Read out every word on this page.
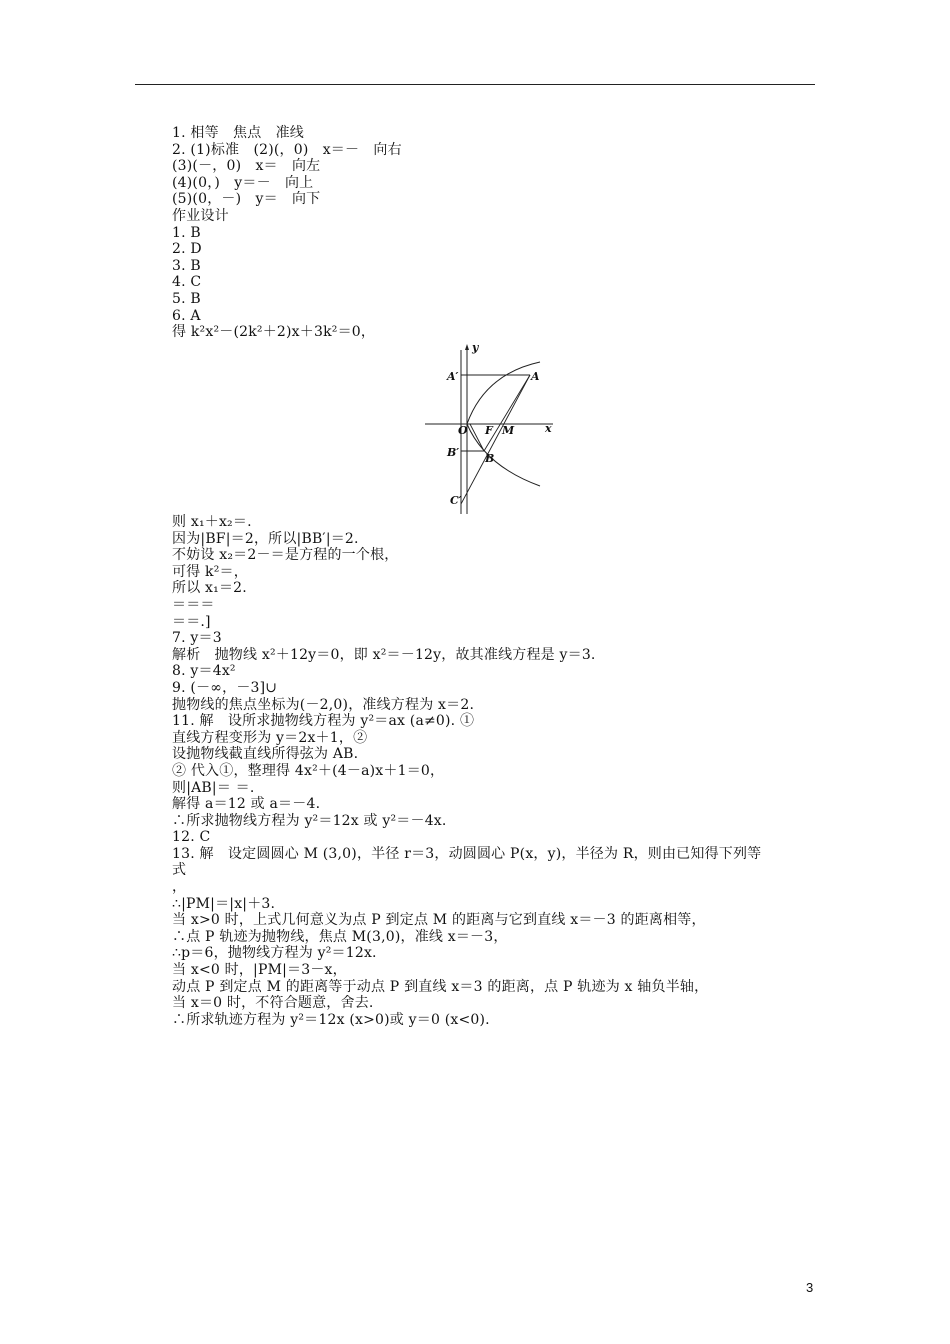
1. 相等　焦点　准线
2. (1)标准　(2)(，0)　x＝－　向右
(3)(－，0)　x＝　向左
(4)(0，)　y＝－　向上
(5)(0，－)　y＝　向下
作业设计
1. B
2. D
3. B
4. C
5. B
6. A
得 k²x²－(2k²＋2)x＋3k²＝0，
y
x
A′	A
O F M
B′ B
C′
则 x₁＋x₂＝.
因为|BF|＝2，所以|BB′|＝2.
不妨设 x₂＝2－＝是方程的一个根，
可得 k²＝，
所以 x₁＝2.
＝＝＝
＝＝.]
7. y＝3
解析　抛物线 x²＋12y＝0，即 x²＝－12y，故其准线方程是 y＝3.
8. y＝4x²
9. (－∞，－3]∪
抛物线的焦点坐标为(－2,0)，准线方程为 x＝2.
11. 解　设所求抛物线方程为 y²＝ax (a≠0). ①
直线方程变形为 y＝2x＋1，②
设抛物线截直线所得弦为 AB.
② 代入①，整理得 4x²＋(4－a)x＋1＝0，
则|AB|＝ ＝.
解得 a＝12 或 a＝－4.
∴所求抛物线方程为 y²＝12x 或 y²＝－4x.
12. C
13. 解　设定圆圆心 M (3,0)，半径 r＝3，动圆圆心 P(x，y)，半径为 R，则由已知得下列等
式
，
∴|PM|＝|x|＋3.
当 x>0 时，上式几何意义为点 P 到定点 M 的距离与它到直线 x＝－3 的距离相等，
∴点 P 轨迹为抛物线，焦点 M(3,0)，准线 x＝－3，
∴p＝6，抛物线方程为 y²＝12x.
当 x<0 时，|PM|＝3－x，
动点 P 到定点 M 的距离等于动点 P 到直线 x＝3 的距离，点 P 轨迹为 x 轴负半轴，
当 x＝0 时，不符合题意，舍去.
∴所求轨迹方程为 y²＝12x (x>0)或 y＝0 (x<0).
3
